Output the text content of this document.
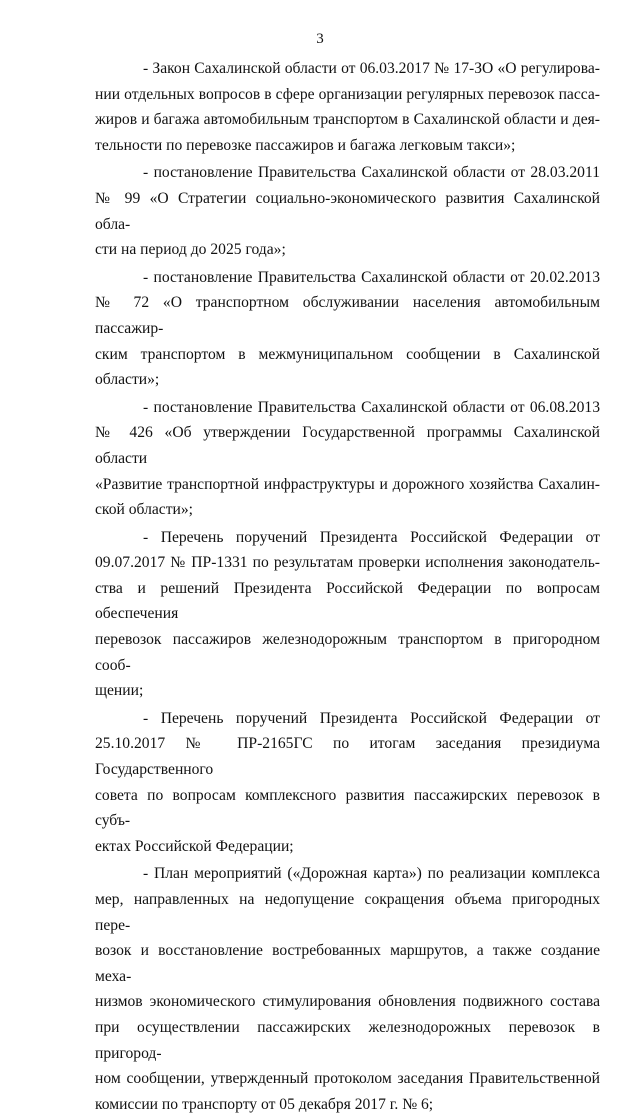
3

- Закон Сахалинской области от 06.03.2017 № 17-ЗО «О регулирова-
нии отдельных вопросов в сфере организации регулярных перевозок пасса-
жиров и багажа автомобильным транспортом в Сахалинской области и дея-
тельности по перевозке пассажиров и багажа легковым такси»;

- постановление Правительства Сахалинской области от 28.03.2011
№ 99 «О Стратегии социально-экономического развития Сахалинской обла-
сти на период до 2025 года»;

- постановление Правительства Сахалинской области от 20.02.2013
№ 72 «О транспортном обслуживании населения автомобильным пассажир-
ским транспортом в межмуниципальном сообщении в Сахалинской области»;

- постановление Правительства Сахалинской области от 06.08.2013
№ 426 «Об утверждении Государственной программы Сахалинской области
«Развитие транспортной инфраструктуры и дорожного хозяйства Сахалин-
ской области»;

- Перечень поручений Президента Российской Федерации от
09.07.2017 № ПР-1331 по результатам проверки исполнения законодатель-
ства и решений Президента Российской Федерации по вопросам обеспечения
перевозок пассажиров железнодорожным транспортом в пригородном сооб-
щении;

- Перечень поручений Президента Российской Федерации от
25.10.2017 № ПР-2165ГС по итогам заседания президиума Государственного
совета по вопросам комплексного развития пассажирских перевозок в субъ-
ектах Российской Федерации;

- План мероприятий («Дорожная карта») по реализации комплекса
мер, направленных на недопущение сокращения объема пригородных пере-
возок и восстановление востребованных маршрутов, а также создание меха-
низмов экономического стимулирования обновления подвижного состава
при осуществлении пассажирских железнодорожных перевозок в пригород-
ном сообщении, утвержденный протоколом заседания Правительственной
комиссии по транспорту от 05 декабря 2017 г. № 6;
